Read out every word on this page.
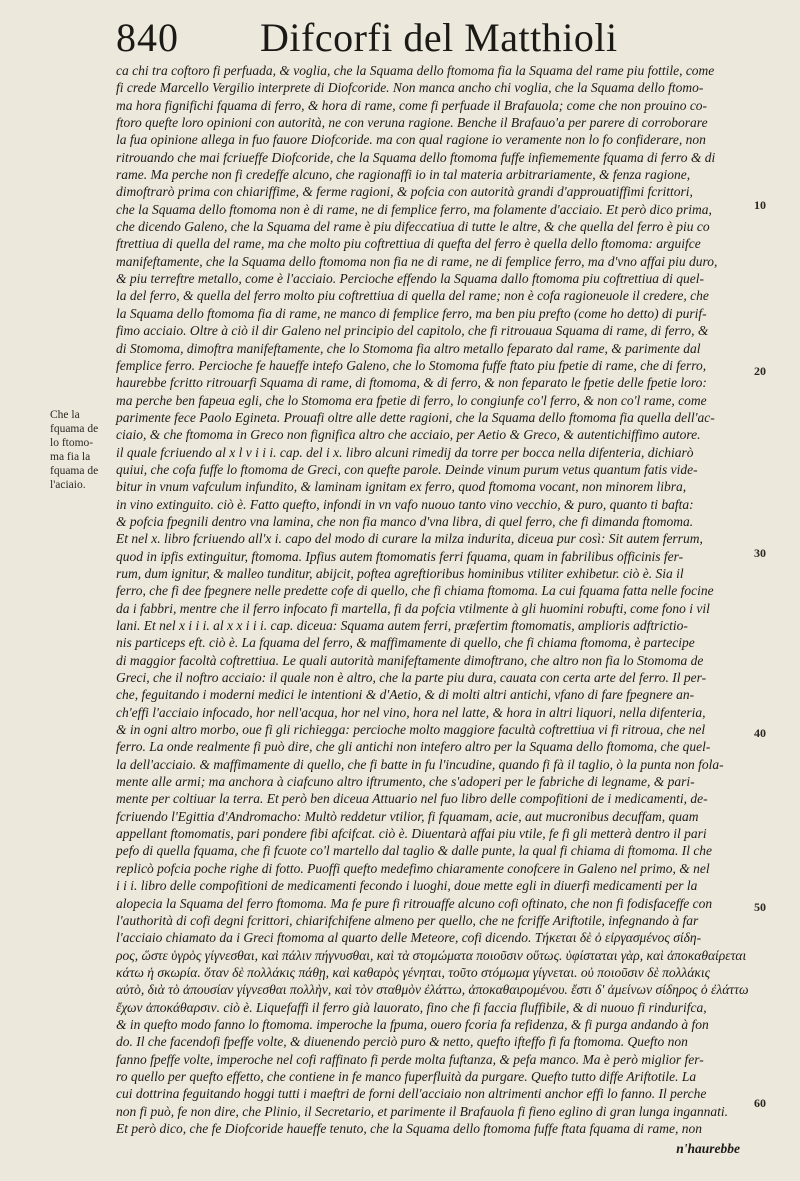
840 Difcorfi del Matthioli
Che la
fquama de
lo ftomo-
ma fia la
fquama de
l'aciaio.
ca chi tra coftoro fi perfuada, & voglia, che la Squama dello ftomoma fia la Squama del rame piu fottile, come
fi crede Marcello Vergilio interprete di Diofcoride. Non manca ancho chi voglia, che la Squama dello ftomo-
ma hora fignifichi fquama di ferro, & hora di rame, come fi perfuade il Brafauola; come che non prouino co-
ftoro quefte loro opinioni con autorità, ne con veruna ragione. Benche il Brafauo'a per parere di corroborare
la fua opinione allega in fuo fauore Diofcoride. ma con qual ragione io veramente non lo fo confiderare, non
ritrouando che mai fcriueffe Diofcoride, che la Squama dello ftomoma fuffe infiememente fquama di ferro & di
rame. Ma perche non fi credeffe alcuno, che ragionaffi io in tal materia arbitrariamente, & fenza ragione,
dimoftrarò prima con chiariffime, & ferme ragioni, & pofcia con autorità grandi d'approuatiffimi fcrittori,
che la Squama dello ftomoma non è di rame, ne di femplice ferro, ma folamente d'acciaio. Et però dico prima,
che dicendo Galeno, che la Squama del rame è piu difeccatiua di tutte le altre, & che quella del ferro è piu co
ftrettiua di quella del rame, ma che molto piu coftrettiua di quefta del ferro è quella dello ftomoma: arguifce
manifeftamente, che la Squama dello ftomoma non fia ne di rame, ne di femplice ferro, ma d'vno affai piu duro,
& piu terreftre metallo, come è l'acciaio. Percioche effendo la Squama dallo ftomoma piu coftrettiua di quel-
la del ferro, & quella del ferro molto piu coftrettiua di quella del rame; non è cofa ragioneuole il credere, che
la Squama dello ftomoma fia di rame, ne manco di femplice ferro, ma ben piu prefto (come ho detto) di purif-
fimo acciaio. Oltre à ciò il dir Galeno nel principio del capitolo, che fi ritrouaua Squama di rame, di ferro, &
di Stomoma, dimoftra manifeftamente, che lo Stomoma fia altro metallo feparato dal rame, & parimente dal
femplice ferro. Percioche fe haueffe intefo Galeno, che lo Stomoma fuffe ftato piu fpetie di rame, che di ferro,
haurebbe fcritto ritrouarfi Squama di rame, di ftomoma, & di ferro, & non feparato le fpetie delle fpetie loro:
ma perche ben fapeua egli, che lo Stomoma era fpetie di ferro, lo congiunfe co'l ferro, & non co'l rame, come
parimente fece Paolo Egineta. Prouafi oltre alle dette ragioni, che la Squama dello ftomoma fia quella dell'ac-
ciaio, & che ftomoma in Greco non fignifica altro che acciaio, per Aetio & Greco, & autentichiffimo autore.
il quale fcriuendo al x l v i i i. cap. del i x. libro alcuni rimedij da torre per bocca nella difenteria, dichiarò
quiui, che cofa fuffe lo ftomoma de Greci, con quefte parole. Deinde vinum purum vetus quantum fatis vide-
bitur in vnum vafculum infundito, & laminam ignitam ex ferro, quod ftomoma vocant, non minorem libra,
in vino extinguito. ciò è. Fatto quefto, infondi in vn vafo nuouo tanto vino vecchio, & puro, quanto ti bafta:
& pofcia fpegnili dentro vna lamina, che non fia manco d'vna libra, di quel ferro, che fi dimanda ftomoma.
Et nel x. libro fcriuendo all'x i. capo del modo di curare la milza indurita, diceua pur così: Sit autem ferrum,
quod in ipfis extinguitur, ftomoma. Ipfius autem ftomomatis ferri fquama, quam in fabrilibus officinis fer-
rum, dum ignitur, & malleo tunditur, abijcit, poftea agreftioribus hominibus vtiliter exhibetur. ciò è. Sia il
ferro, che fi dee fpegnere nelle predette cofe di quello, che fi chiama ftomoma. La cui fquama fatta nelle focine
da i fabbri, mentre che il ferro infocato fi martella, fi da pofcia vtilmente à gli huomini robufti, come fono i vil
lani. Et nel x i i i. al x x i i i. cap. diceua: Squama autem ferri, præfertim ftomomatis, amplioris adftrictio-
nis particeps eft. ciò è. La fquama del ferro, & maffimamente di quello, che fi chiama ftomoma, è partecipe
di maggior facoltà coftrettiua. Le quali autorità manifeftamente dimoftrano, che altro non fia lo Stomoma de
Greci, che il noftro acciaio: il quale non è altro, che la parte piu dura, cauata con certa arte del ferro. Il per-
che, feguitando i moderni medici le intentioni & d'Aetio, & di molti altri antichi, vfano di fare fpegnere an-
ch'effi l'acciaio infocado, hor nell'acqua, hor nel vino, hora nel latte, & hora in altri liquori, nella difenteria,
& in ogni altro morbo, oue fi gli richiegga: percioche molto maggiore facultà coftrettiua vi fi ritroua, che nel
ferro. La onde realmente fi può dire, che gli antichi non intefero altro per la Squama dello ftomoma, che quel-
la dell'acciaio. & maffimamente di quello, che fi batte in fu l'incudine, quando fi fà il taglio, ò la punta non fola-
mente alle armi; ma anchora à ciafcuno altro iftrumento, che s'adoperi per le fabriche di legname, & pari-
mente per coltiuar la terra. Et però ben diceua Attuario nel fuo libro delle compofitioni de i medicamenti, de-
fcriuendo l'Egittia d'Andromacho: Multò reddetur vtilior, fi fquamam, acie, aut mucronibus decuffam, quam
appellant ftomomatis, pari pondere fibi afcifcat. ciò è. Diuentarà affai piu vtile, fe fi gli metterà dentro il pari
pefo di quella fquama, che fi fcuote co'l martello dal taglio & dalle punte, la qual fi chiama di ftomoma. Il che
replicò pofcia poche righe di fotto. Puoffi quefto medefimo chiaramente conofcere in Galeno nel primo, & nel
i i i. libro delle compofitioni de medicamenti fecondo i luoghi, doue mette egli in diuerfi medicamenti per la
alopecia la Squama del ferro ftomoma. Ma fe pure fi ritrouaffe alcuno cofi oftinato, che non fi fodisfaceffe con
l'authorità di cofi degni fcrittori, chiarifchifene almeno per quello, che ne fcriffe Ariftotile, infegnando à far
l'acciaio chiamato da i Greci ftomoma al quarto delle Meteore, cofi dicendo. Τήκεται δὲ ὁ εἰργασμένος σίδη-
ρος, ὥστε ὑγρὸς γίγνεσθαι, καὶ πάλιν πήγνυσθαι, καὶ τὰ στομώματα ποιοῦσιν οὕτως. ὑφίσταται γὰρ, καὶ ἀποκαθαίρεται
κάτω ἡ σκωρία. ὅταν δὲ πολλάκις πάθῃ, καὶ καθαρὸς γένηται, τοῦτο στόμωμα γίγνεται. οὐ ποιοῦσιν δὲ πολλάκις
αὐτὸ, διὰ τὸ ἀπουσίαν γίγνεσθαι πολλὴν, καὶ τὸν σταθμὸν ἐλάττω, ἀποκαθαιρομένου. ἔστι δ' ἀμείνων σίδηρος ὁ ἐλάττω
ἔχων ἀποκάθαρσιν. ciò è. Liquefaffi il ferro già lauorato, fino che fi faccia fluffibile, & di nuouo fi rindurifca,
& in quefto modo fanno lo ftomoma. imperoche la fpuma, ouero fcoria fa refidenza, & fi purga andando à fon
do. Il che facendofi fpeffe volte, & diuenendo perciò puro & netto, quefto ifteffo fi fa ftomoma. Quefto non
fanno fpeffe volte, imperoche nel cofi raffinato fi perde molta fuftanza, & pefa manco. Ma è però miglior fer-
ro quello per quefto effetto, che contiene in fe manco fuperfluità da purgare. Quefto tutto diffe Ariftotile. La
cui dottrina feguitando hoggi tutti i maeftri de forni dell'acciaio non altrimenti anchor effi lo fanno. Il perche
non fi può, fe non dire, che Plinio, il Secretario, et parimente il Brafauola fi fieno eglino di gran lunga ingannati.
Et però dico, che fe Diofcoride haueffe tenuto, che la Squama dello ftomoma fuffe ftata fquama di rame, non
10
20
30
40
50
60
n'haurebbe
